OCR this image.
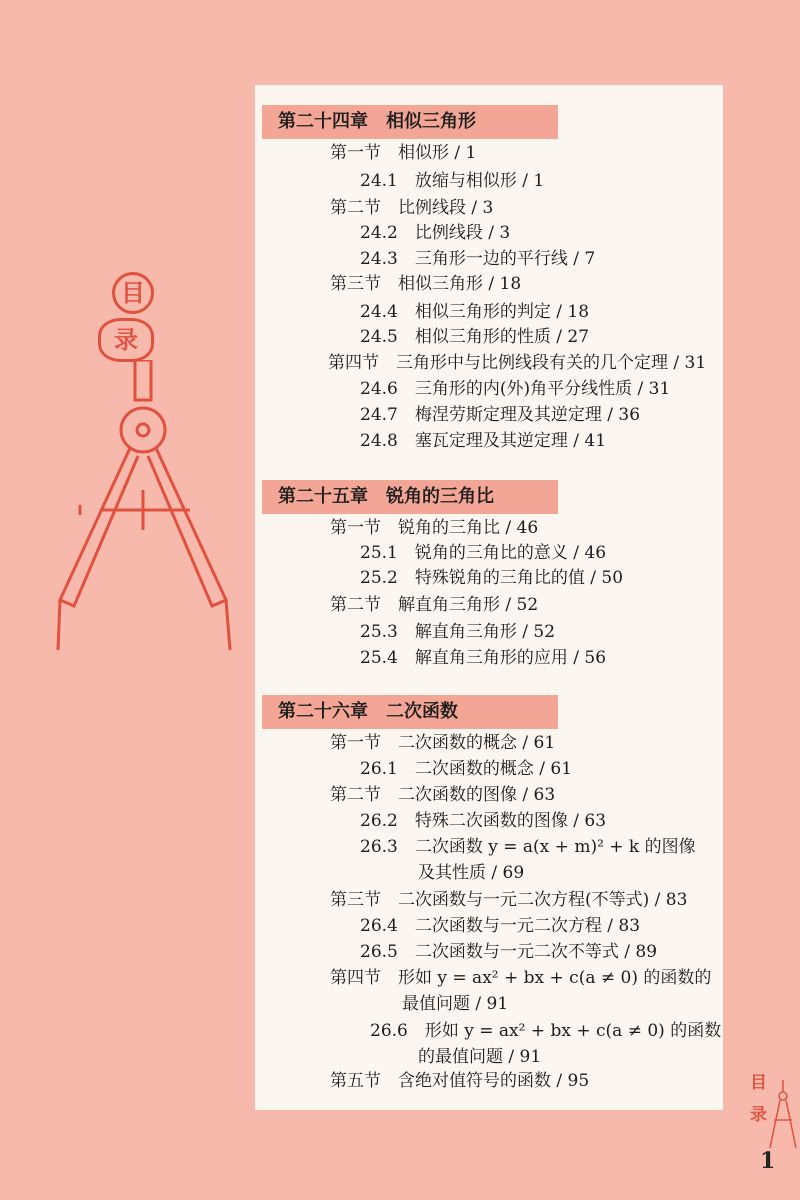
目
录
第二十四章　相似三角形
第一节　相似形 / 1
24.1　放缩与相似形 / 1
第二节　比例线段 / 3
24.2　比例线段 / 3
24.3　三角形一边的平行线 / 7
第三节　相似三角形 / 18
24.4　相似三角形的判定 / 18
24.5　相似三角形的性质 / 27
第四节　三角形中与比例线段有关的几个定理 / 31
24.6　三角形的内(外)角平分线性质 / 31
24.7　梅涅劳斯定理及其逆定理 / 36
24.8　塞瓦定理及其逆定理 / 41
第二十五章　锐角的三角比
第一节　锐角的三角比 / 46
25.1　锐角的三角比的意义 / 46
25.2　特殊锐角的三角比的值 / 50
第二节　解直角三角形 / 52
25.3　解直角三角形 / 52
25.4　解直角三角形的应用 / 56
第二十六章　二次函数
第一节　二次函数的概念 / 61
26.1　二次函数的概念 / 61
第二节　二次函数的图像 / 63
26.2　特殊二次函数的图像 / 63
26.3　二次函数 y = a(x + m)² + k 的图像
及其性质 / 69
第三节　二次函数与一元二次方程(不等式) / 83
26.4　二次函数与一元二次方程 / 83
26.5　二次函数与一元二次不等式 / 89
第四节　形如 y = ax² + bx + c(a ≠ 0) 的函数的
最值问题 / 91
26.6　形如 y = ax² + bx + c(a ≠ 0) 的函数
的最值问题 / 91
第五节　含绝对值符号的函数 / 95	目
录
1
